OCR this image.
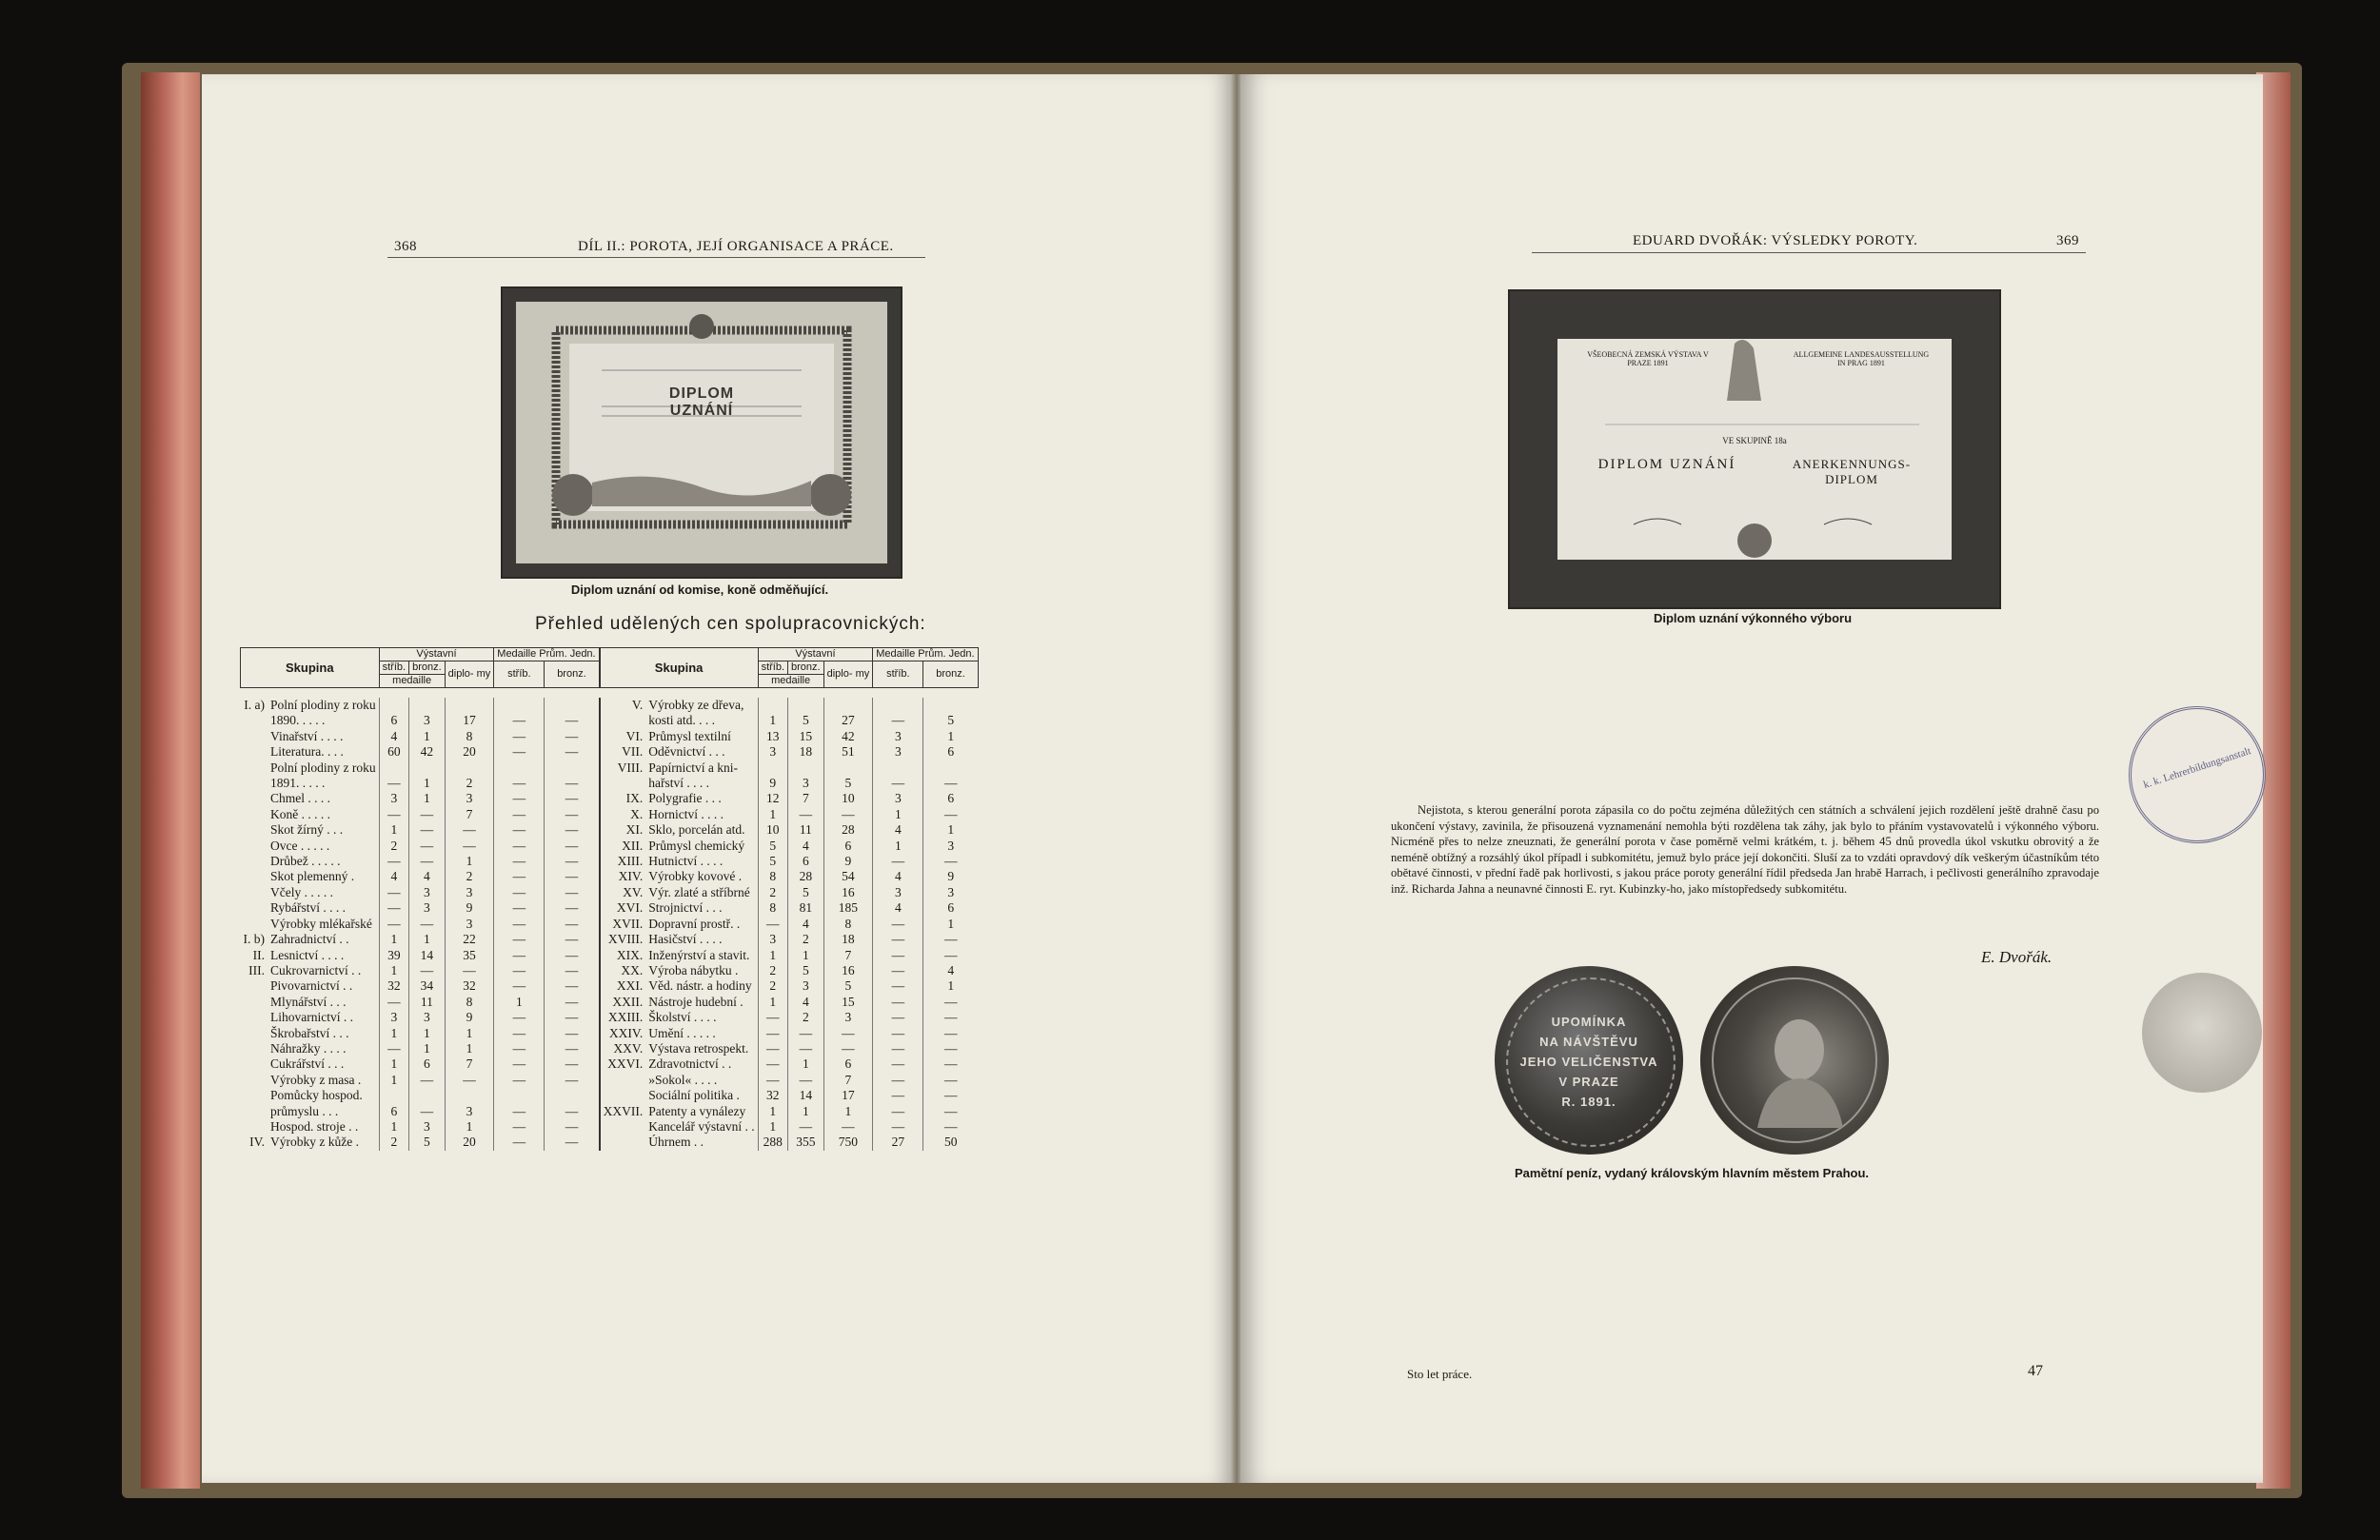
368	DÍL II.: POROTA, JEJÍ ORGANISACE A PRÁCE.
DIPLOM UZNÁNÍ
Diplom uznání od komise, koně odměňující.
Přehled udělených cen spolupracovnických:
Skupina		Výstavní			Medaille Prům. Jedn.		Skupina		Výstavní			Medaille Prům. Jedn.	
		stříb.	bronz.	diplo- my	stříb.	bronz.			stříb.	bronz.	diplo- my	stříb.	bronz.
		medaille							medaille				

I. a)	Polní plodiny z roku						V.	Výrobky ze dřeva,					
	1890. . . . .	6	3	17	—	—		kosti atd. . . .	1	5	27	—	5
	Vinařství . . . .	4	1	8	—	—	VI.	Průmysl textilní	13	15	42	3	1
	Literatura. . . .	60	42	20	—	—	VII.	Oděvnictví . . .	3	18	51	3	6
	Polní plodiny z roku						VIII.	Papírnictví a kni-					
	1891. . . . .	—	1	2	—	—		hařství . . . .	9	3	5	—	—
	Chmel . . . .	3	1	3	—	—	IX.	Polygrafie . . .	12	7	10	3	6
	Koně . . . . .	—	—	7	—	—	X.	Hornictví . . . .	1	—	—	1	—
	Skot žírný . . .	1	—	—	—	—	XI.	Sklo, porcelán atd.	10	11	28	4	1
	Ovce . . . . .	2	—	—	—	—	XII.	Průmysl chemický	5	4	6	1	3
	Drůbež . . . . .	—	—	1	—	—	XIII.	Hutnictví . . . .	5	6	9	—	—
	Skot plemenný .	4	4	2	—	—	XIV.	Výrobky kovové .	8	28	54	4	9
	Včely . . . . .	—	3	3	—	—	XV.	Výr. zlaté a stříbrné	2	5	16	3	3
	Rybářství . . . .	—	3	9	—	—	XVI.	Strojnictví . . .	8	81	185	4	6
	Výrobky mlékařské	—	—	3	—	—	XVII.	Dopravní prostř. .	—	4	8	—	1
I. b)	Zahradnictví . .	1	1	22	—	—	XVIII.	Hasičství . . . .	3	2	18	—	—
II.	Lesnictví . . . .	39	14	35	—	—	XIX.	Inženýrství a stavit.	1	1	7	—	—
III.	Cukrovarnictví . .	1	—	—	—	—	XX.	Výroba nábytku .	2	5	16	—	4
	Pivovarnictví . .	32	34	32	—	—	XXI.	Věd. nástr. a hodiny	2	3	5	—	1
	Mlynářství . . .	—	11	8	1	—	XXII.	Nástroje hudební .	1	4	15	—	—
	Lihovarnictví . .	3	3	9	—	—	XXIII.	Školství . . . .	—	2	3	—	—
	Škrobařství . . .	1	1	1	—	—	XXIV.	Umění . . . . .	—	—	—	—	—
	Náhražky . . . .	—	1	1	—	—	XXV.	Výstava retrospekt.	—	—	—	—	—
	Cukrářství . . .	1	6	7	—	—	XXVI.	Zdravotnictví . .	—	1	6	—	—
	Výrobky z masa .	1	—	—	—	—		»Sokol« . . . .	—	—	7	—	—
	Pomůcky hospod.							Sociální politika .	32	14	17	—	—
	průmyslu . . .	6	—	3	—	—	XXVII.	Patenty a vynálezy	1	1	1	—	—
	Hospod. stroje . .	1	3	1	—	—		Kancelář výstavní . .	1	—	—	—	—
IV.	Výrobky z kůže .	2	5	20	—	—		Úhrnem . .	288	355	750	27	50
EDUARD DVOŘÁK: VÝSLEDKY POROTY.	369
VŠEOBECNÁ ZEMSKÁ VÝSTAVA V PRAZE 1891
ALLGEMEINE LANDESAUSSTELLUNG IN PRAG 1891
VE SKUPINĚ 18a
DIPLOM UZNÁNÍ	ANERKENNUNGS-DIPLOM
Diplom uznání výkonného výboru
Nejistota, s kterou generální porota zápasila co do počtu zejména důležitých cen státních a schválení jejich rozdělení ještě drahně času po ukončení výstavy, zavinila, že přisouzená vyznamenání nemohla býti rozdělena tak záhy, jak bylo to přáním vystavovatelů i výkonného výboru. Nicméně přes to nelze zneuznati, že generální porota v čase poměrně velmi krátkém, t. j. během 45 dnů provedla úkol vskutku obrovitý a že neméně obtížný a rozsáhlý úkol případl i subkomitétu, jemuž bylo práce její dokončiti. Sluší za to vzdáti opravdový dík veškerým účastníkům této obětavé činnosti, v přední řadě pak horlivosti, s jakou práce poroty generální řídil předseda Jan hrabě Harrach, i pečlivosti generálního zpravodaje inž. Richarda Jahna a neunavné činnosti E. ryt. Kubinzky-ho, jako místopředsedy subkomitétu.
E. Dvořák.
UPOMÍNKA
NA NÁVŠTĚVU
JEHO VELIČENSTVA
V PRAZE
R. 1891.
Pamětní peníz, vydaný královským hlavním městem Prahou.
Sto let práce.	47
k. k. Lehrerbildungsanstalt
